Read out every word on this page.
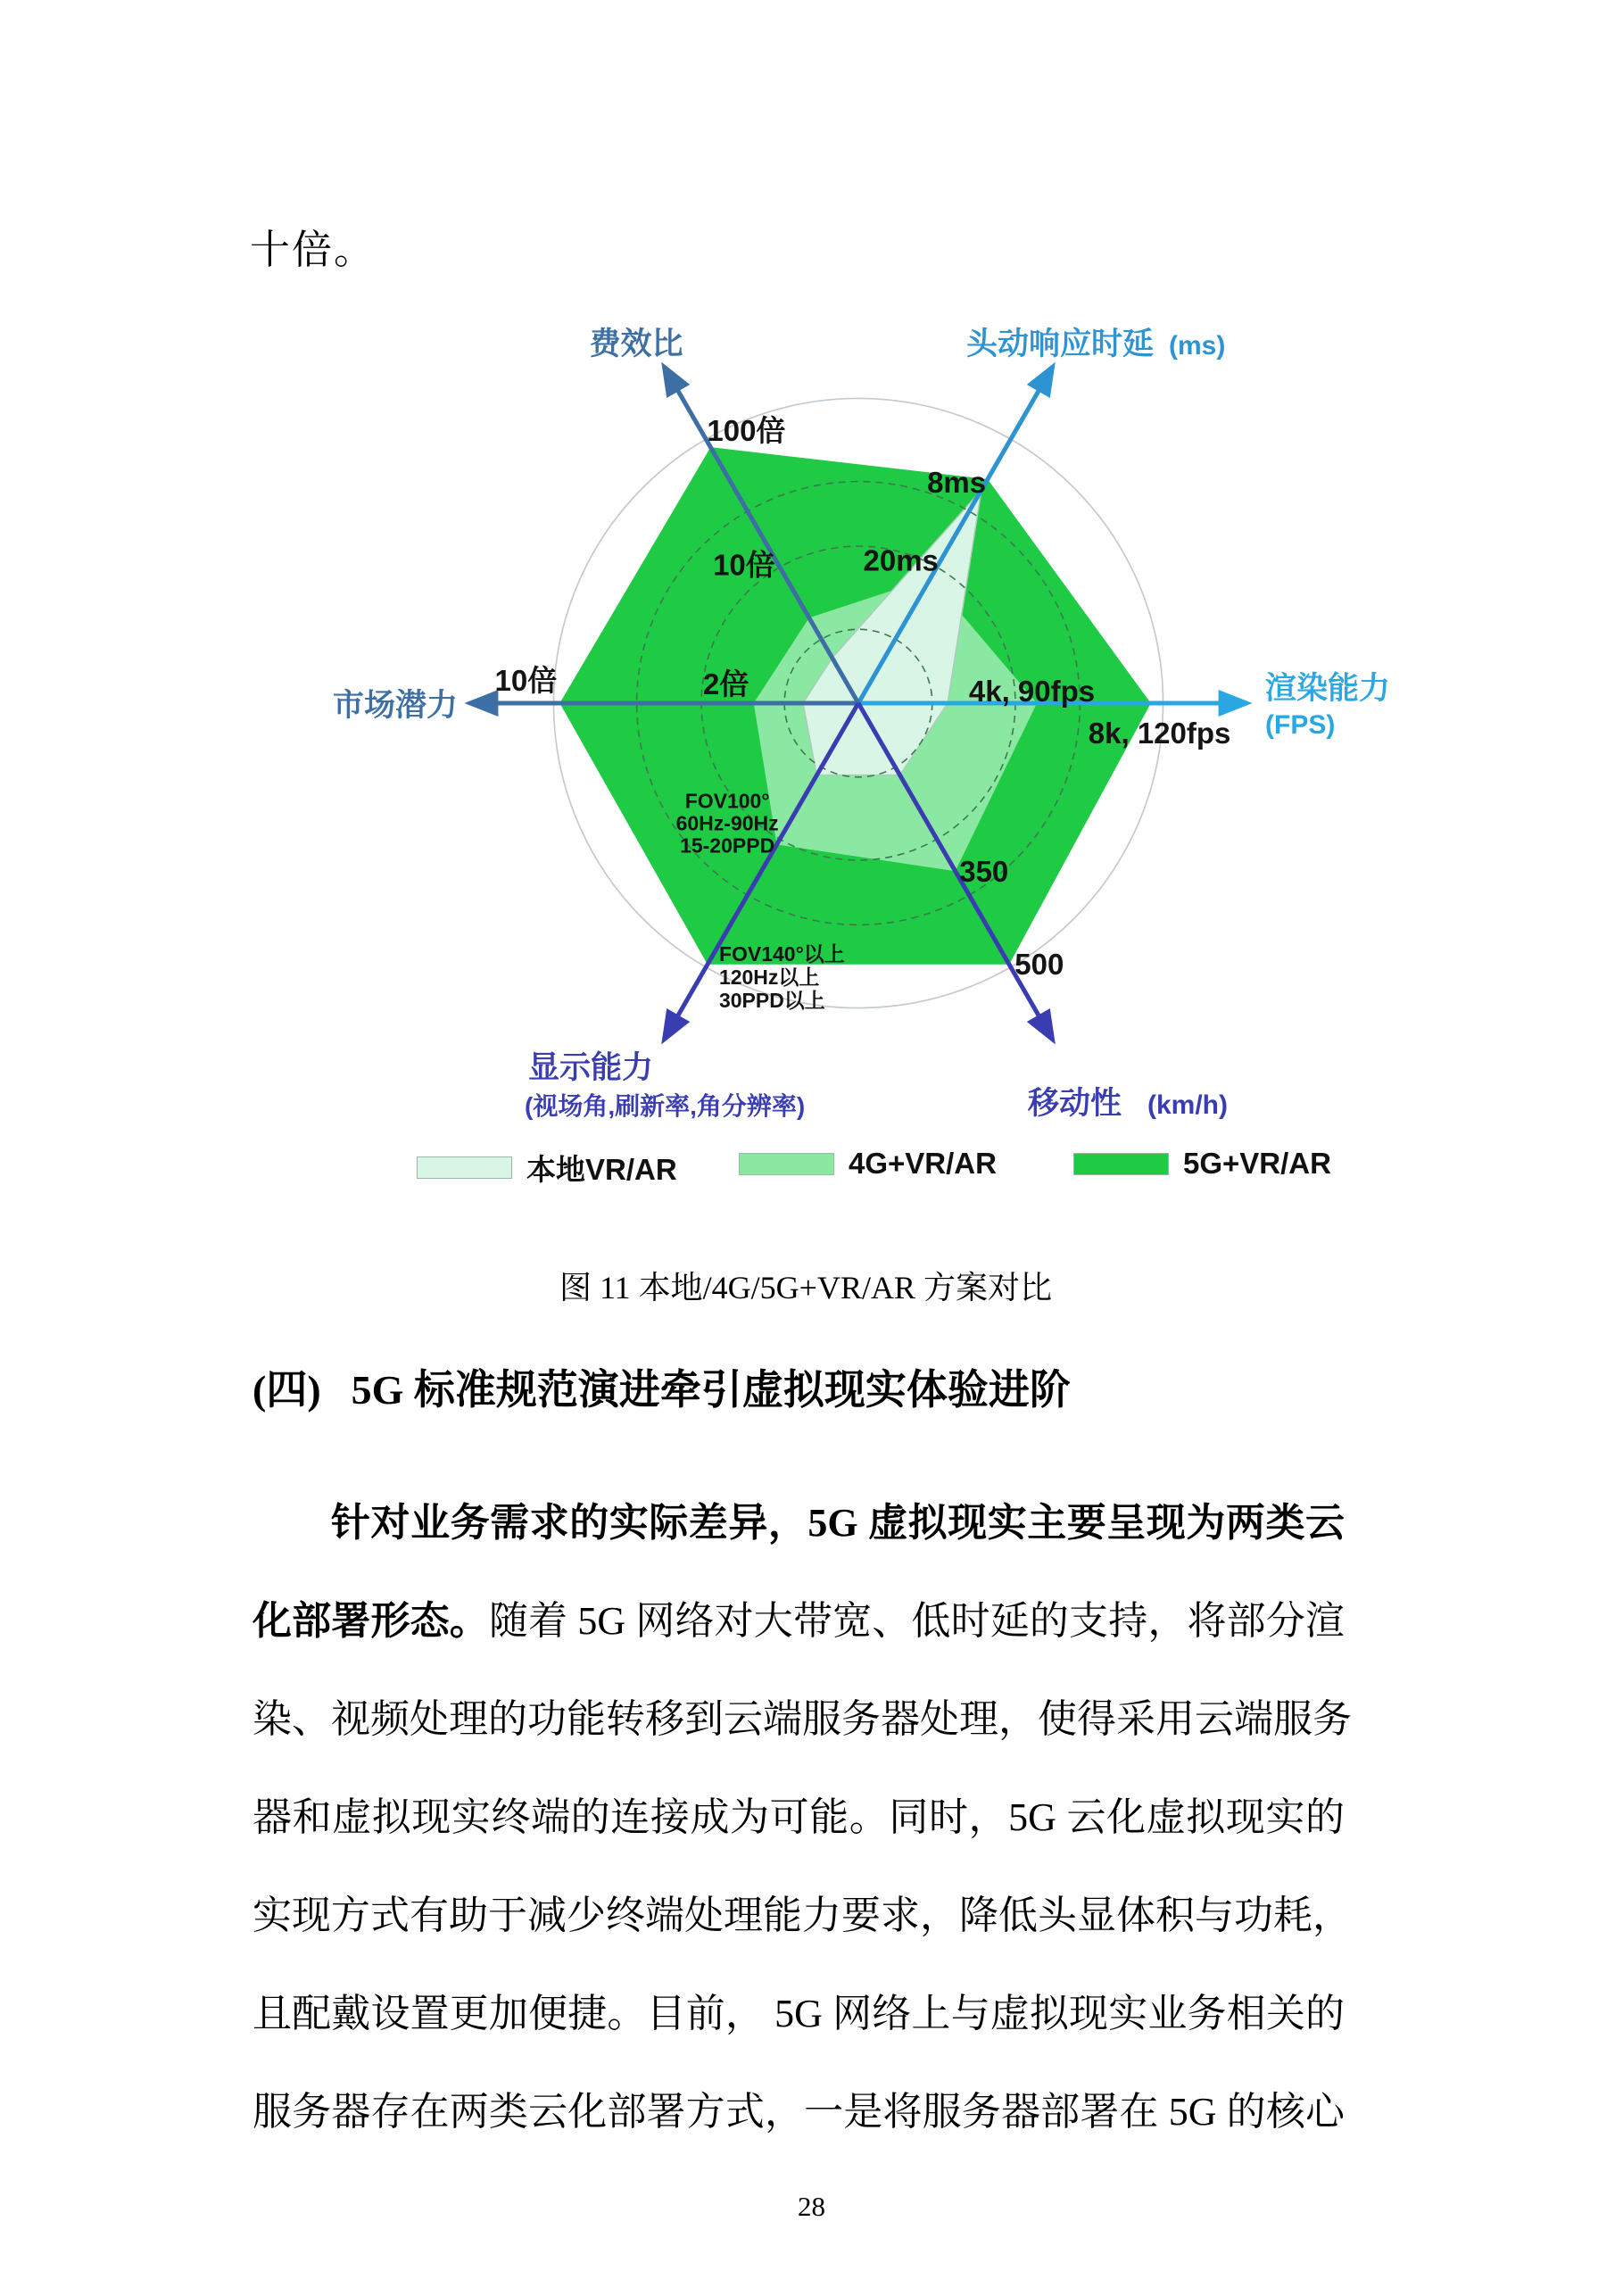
渲染能力
(FPS)
4k, 90fps
8k, 120fps
头动响应时延 (ms)
20ms
8ms
费效比
10倍
100倍
市场潜力
2倍
10倍
显示能力
(视场角,刷新率,角分辨率)
FOV100° 60Hz-90Hz 15-20PPD
FOV140°以上 120Hz以上 30PPD以上
移动性 (km/h)
350
500
十倍。
本地VR/AR	4G+VR/AR	5G+VR/AR
图 11 本地/4G/5G+VR/AR 方案对比
(四) 5G 标准规范演进牵引虚拟现实体验进阶
针对业务需求的实际差异，5G 虚拟现实主要呈现为两类云
化部署形态。随着 5G 网络对大带宽、低时延的支持，将部分渲
染、视频处理的功能转移到云端服务器处理，使得采用云端服务
器和虚拟现实终端的连接成为可能。同时，5G 云化虚拟现实的
实现方式有助于减少终端处理能力要求，降低头显体积与功耗，
且配戴设置更加便捷。目前， 5G 网络上与虚拟现实业务相关的
服务器存在两类云化部署方式，一是将服务器部署在 5G 的核心
28
